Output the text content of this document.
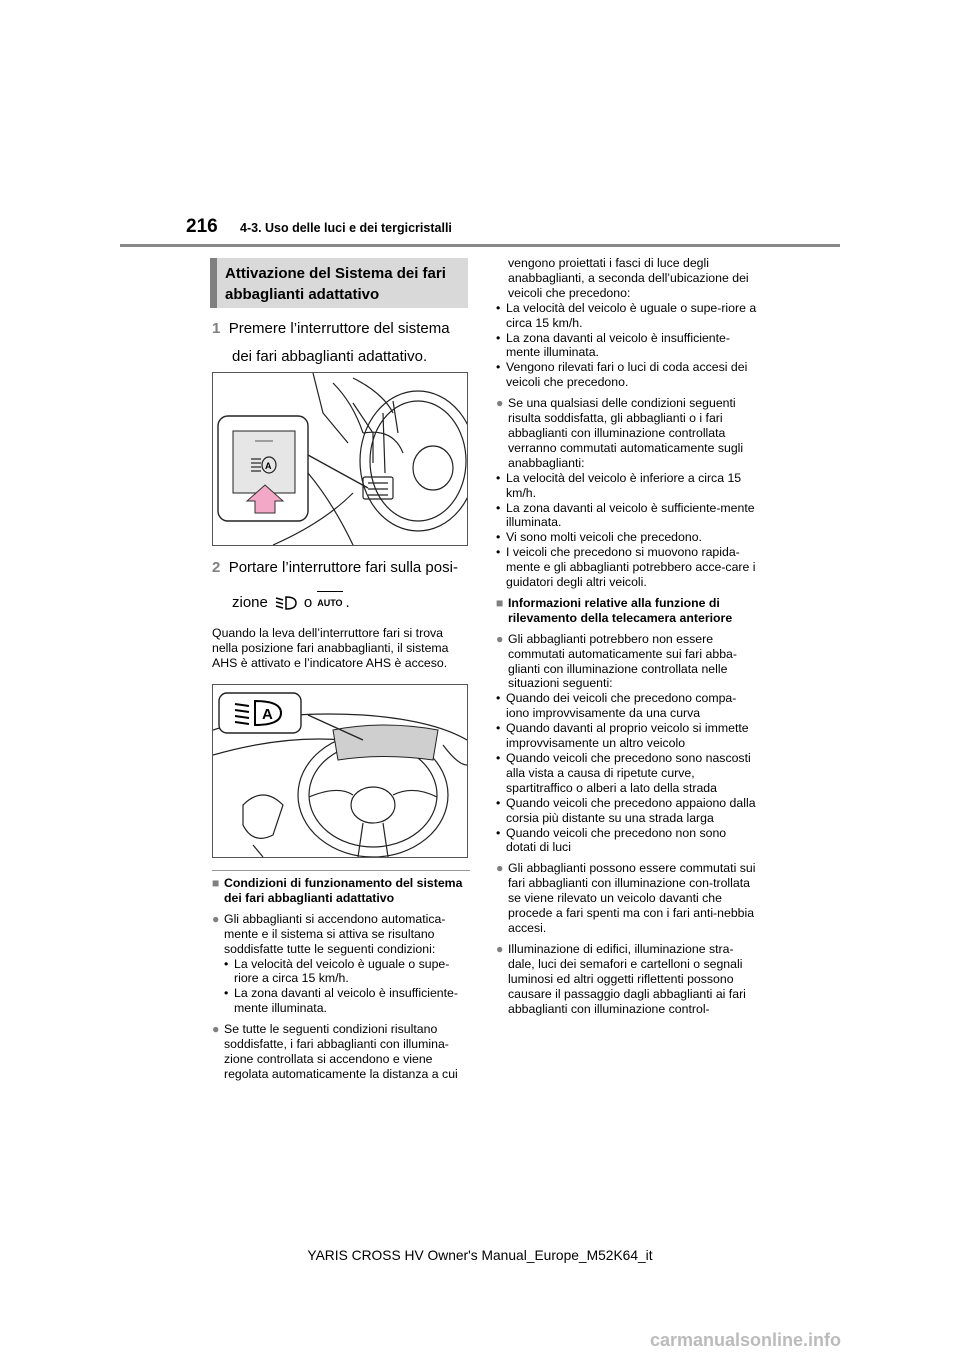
216 4-3. Uso delle luci e dei tergicristalli
Attivazione del Sistema dei fari abbaglianti adattativo
1 Premere l’interruttore del sistema
dei fari abbaglianti adattativo.
A
2 Portare l’interruttore fari sulla posi-
zione o AUTO .
Quando la leva dell’interruttore fari si trova nella posizione fari anabbaglianti, il sistema AHS è attivato e l’indicatore AHS è acceso.
A
■ Condizioni di funzionamento del sistema dei fari abbaglianti adattativo
● Gli abbaglianti si accendono automatica-mente e il sistema si attiva se risultano soddisfatte tutte le seguenti condizioni:
• La velocità del veicolo è uguale o supe-riore a circa 15 km/h.
• La zona davanti al veicolo è insufficiente-mente illuminata.
● Se tutte le seguenti condizioni risultano soddisfatte, i fari abbaglianti con illumina-zione controllata si accendono e viene regolata automaticamente la distanza a cui
vengono proiettati i fasci di luce degli anabbaglianti, a seconda dell’ubicazione dei veicoli che precedono:
• La velocità del veicolo è uguale o supe-riore a circa 15 km/h.
• La zona davanti al veicolo è insufficiente-mente illuminata.
• Vengono rilevati fari o luci di coda accesi dei veicoli che precedono.
● Se una qualsiasi delle condizioni seguenti risulta soddisfatta, gli abbaglianti o i fari abbaglianti con illuminazione controllata verranno commutati automaticamente sugli anabbaglianti:
• La velocità del veicolo è inferiore a circa 15 km/h.
• La zona davanti al veicolo è sufficiente-mente illuminata.
• Vi sono molti veicoli che precedono.
• I veicoli che precedono si muovono rapida-mente e gli abbaglianti potrebbero acce-care i guidatori degli altri veicoli.
■ Informazioni relative alla funzione di rilevamento della telecamera anteriore
● Gli abbaglianti potrebbero non essere commutati automaticamente sui fari abba-glianti con illuminazione controllata nelle situazioni seguenti:
• Quando dei veicoli che precedono compa-iono improvvisamente da una curva
• Quando davanti al proprio veicolo si immette improvvisamente un altro veicolo
• Quando veicoli che precedono sono nascosti alla vista a causa di ripetute curve, spartitraffico o alberi a lato della strada
• Quando veicoli che precedono appaiono dalla corsia più distante su una strada larga
• Quando veicoli che precedono non sono dotati di luci
● Gli abbaglianti possono essere commutati sui fari abbaglianti con illuminazione con-trollata se viene rilevato un veicolo davanti che procede a fari spenti ma con i fari anti-nebbia accesi.
● Illuminazione di edifici, illuminazione stra-dale, luci dei semafori e cartelloni o segnali luminosi ed altri oggetti riflettenti possono causare il passaggio dagli abbaglianti ai fari abbaglianti con illuminazione control-
YARIS CROSS HV Owner's Manual_Europe_M52K64_it
carmanualsonline.info
